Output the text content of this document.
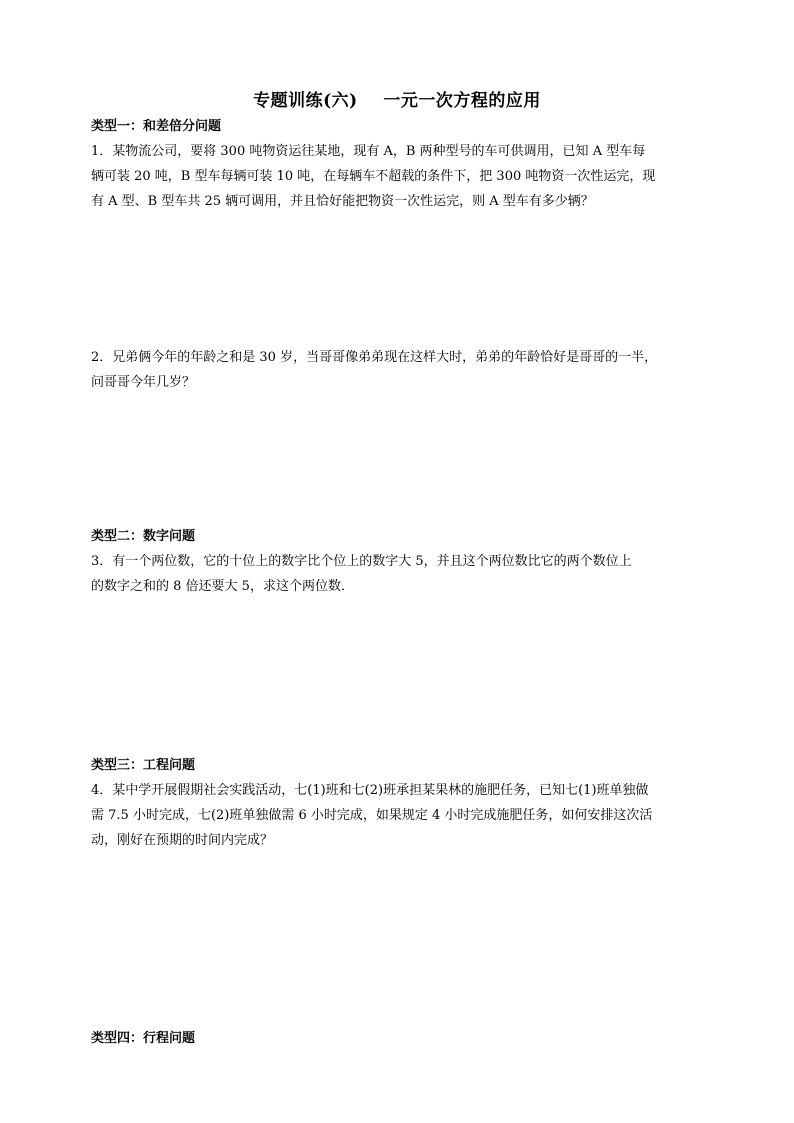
专题训练(六)    一元一次方程的应用
类型一：和差倍分问题
1．某物流公司，要将 300 吨物资运往某地，现有 A，B 两种型号的车可供调用，已知 A 型车每
辆可装 20 吨，B 型车每辆可装 10 吨，在每辆车不超载的条件下，把 300 吨物资一次性运完，现
有 A 型、B 型车共 25 辆可调用，并且恰好能把物资一次性运完，则 A 型车有多少辆？
2．兄弟俩今年的年龄之和是 30 岁，当哥哥像弟弟现在这样大时，弟弟的年龄恰好是哥哥的一半，
问哥哥今年几岁？
类型二：数字问题
3．有一个两位数，它的十位上的数字比个位上的数字大 5，并且这个两位数比它的两个数位上
的数字之和的 8 倍还要大 5，求这个两位数．
类型三：工程问题
4．某中学开展假期社会实践活动，七(1)班和七(2)班承担某果林的施肥任务，已知七(1)班单独做
需 7.5 小时完成，七(2)班单独做需 6 小时完成，如果规定 4 小时完成施肥任务，如何安排这次活
动，刚好在预期的时间内完成？
类型四：行程问题
